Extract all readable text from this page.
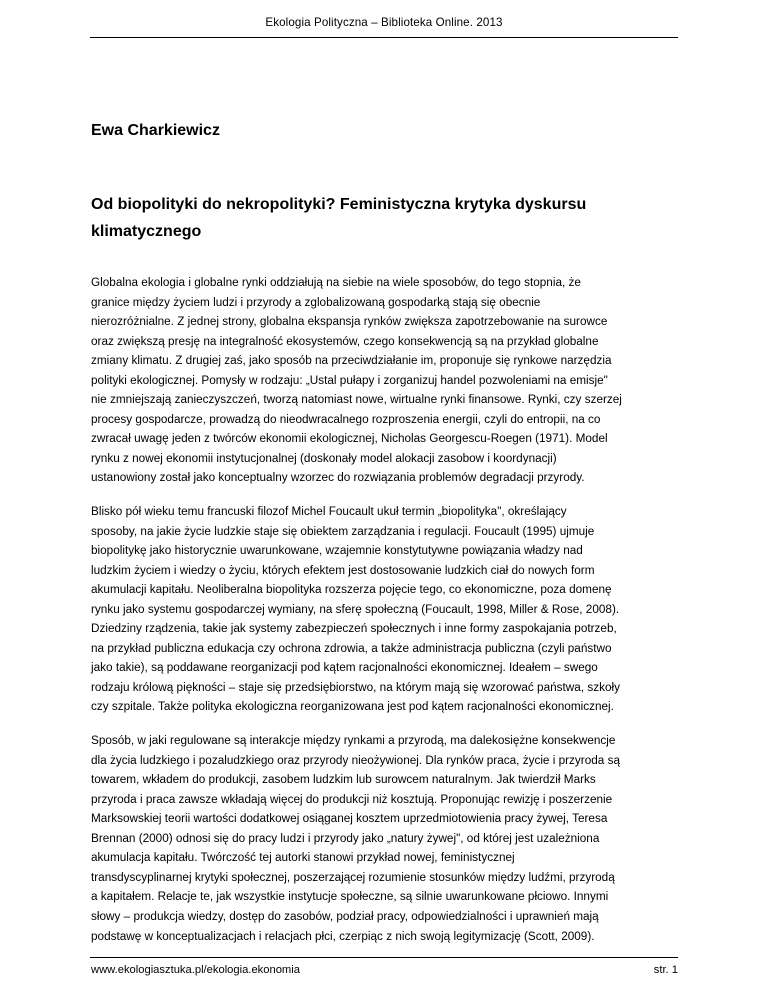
Ekologia Polityczna – Biblioteka Online. 2013
Ewa Charkiewicz
Od biopolityki do nekropolityki? Feministyczna krytyka dyskursu klimatycznego

Globalna ekologia i globalne rynki oddziałują na siebie na wiele sposobów, do tego stopnia, że
granice między życiem ludzi i przyrody a zglobalizowaną gospodarką stają się obecnie
nierozróżnialne. Z jednej strony, globalna ekspansja rynków zwiększa zapotrzebowanie na surowce
oraz zwiększą presję na integralność ekosystemów, czego konsekwencją są na przykład globalne
zmiany klimatu. Z drugiej zaś, jako sposób na przeciwdziałanie im, proponuje się rynkowe narzędzia
polityki ekologicznej. Pomysły w rodzaju: „Ustal pułapy i zorganizuj handel pozwoleniami na emisje"
nie zmniejszają zanieczyszczeń, tworzą natomiast nowe, wirtualne rynki finansowe. Rynki, czy szerzej
procesy gospodarcze, prowadzą do nieodwracalnego rozproszenia energii, czyli do entropii, na co
zwracał uwagę jeden z twórców ekonomii ekologicznej, Nicholas Georgescu-Roegen (1971). Model
rynku z nowej ekonomii instytucjonalnej (doskonały model alokacji zasobow i koordynacji)
ustanowiony został jako konceptualny wzorzec do rozwiązania problemów degradacji przyrody.

Blisko pół wieku temu francuski filozof Michel Foucault ukuł termin „biopolityka", określający
sposoby, na jakie życie ludzkie staje się obiektem zarządzania i regulacji. Foucault (1995) ujmuje
biopolitykę jako historycznie uwarunkowane, wzajemnie konstytutywne powiązania władzy nad
ludzkim życiem i wiedzy o życiu, których efektem jest dostosowanie ludzkich ciał do nowych form
akumulacji kapitału. Neoliberalna biopolityka rozszerza pojęcie tego, co ekonomiczne, poza domenę
rynku jako systemu gospodarczej wymiany, na sferę społeczną (Foucault, 1998, Miller & Rose, 2008).
Dziedziny rządzenia, takie jak systemy zabezpieczeń społecznych i inne formy zaspokajania potrzeb,
na przykład publiczna edukacja czy ochrona zdrowia, a także administracja publiczna (czyli państwo
jako takie), są poddawane reorganizacji pod kątem racjonalności ekonomicznej. Ideałem – swego
rodzaju królową piękności – staje się przedsiębiorstwo, na którym mają się wzorować państwa, szkoły
czy szpitale. Także polityka ekologiczna reorganizowana jest pod kątem racjonalności ekonomicznej.

Sposób, w jaki regulowane są interakcje między rynkami a przyrodą, ma dalekosiężne konsekwencje
dla życia ludzkiego i pozaludzkiego oraz przyrody nieożywionej. Dla rynków praca, życie i przyroda są
towarem, wkładem do produkcji, zasobem ludzkim lub surowcem naturalnym. Jak twierdził Marks
przyroda i praca zawsze wkładają więcej do produkcji niż kosztują. Proponując rewizję i poszerzenie
Marksowskiej teorii wartości dodatkowej osiąganej kosztem uprzedmiotowienia pracy żywej, Teresa
Brennan (2000) odnosi się do pracy ludzi i przyrody jako „natury żywej", od której jest uzależniona
akumulacja kapitału. Twórczość tej autorki stanowi przykład nowej, feministycznej
transdyscyplinarnej krytyki społecznej, poszerzającej rozumienie stosunków między ludźmi, przyrodą
a kapitałem. Relacje te, jak wszystkie instytucje społeczne, są silnie uwarunkowane płciowo. Innymi
słowy – produkcja wiedzy, dostęp do zasobów, podział pracy, odpowiedzialności i uprawnień mają
podstawę w konceptualizacjach i relacjach płci, czerpiąc z nich swoją legitymizację (Scott, 2009).

www.ekologiasztuka.pl/ekologia.ekonomia	str. 1
